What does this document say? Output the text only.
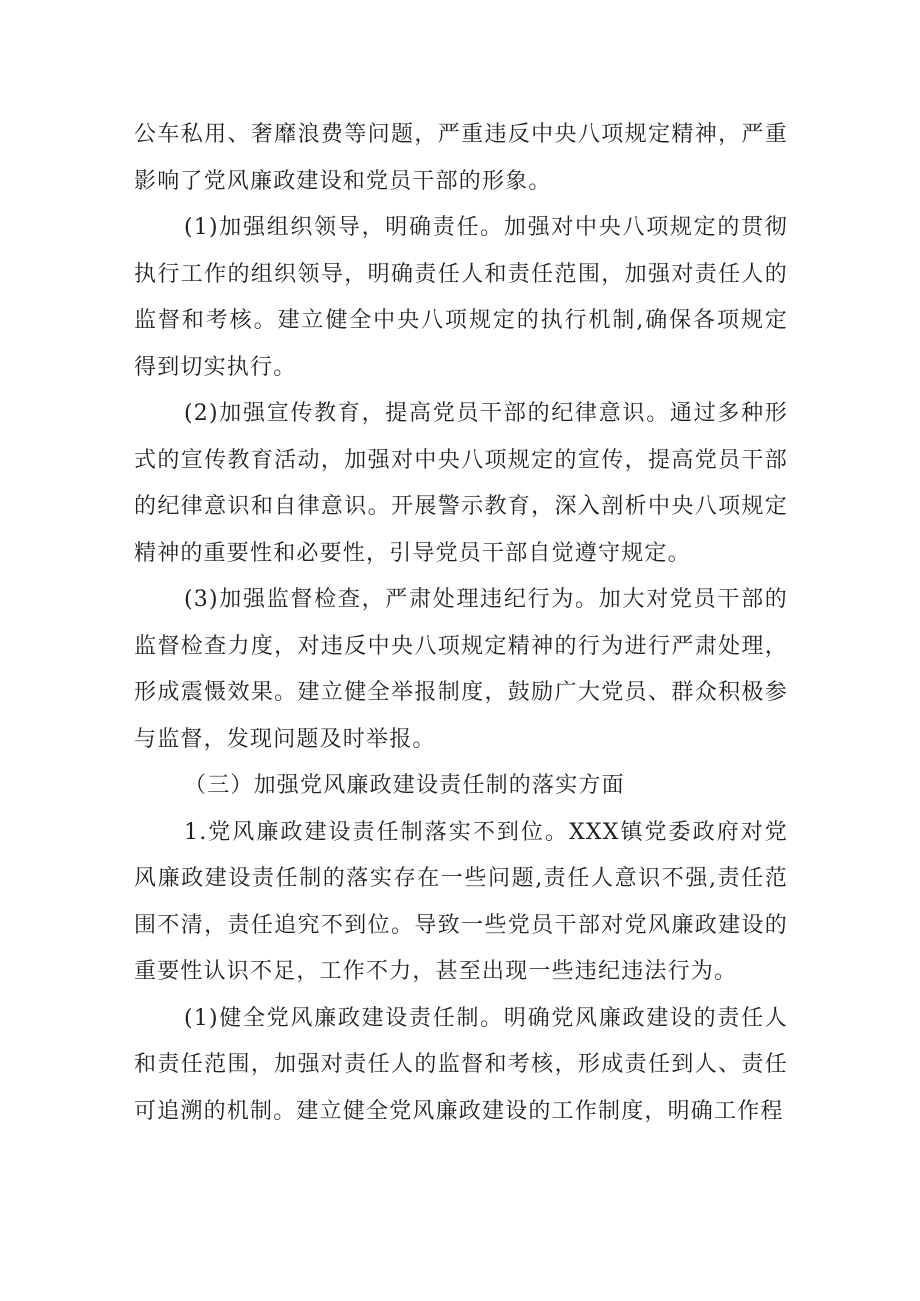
公车私用、奢靡浪费等问题，严重违反中央八项规定精神，严重影响了党风廉政建设和党员干部的形象。

(1)加强组织领导，明确责任。加强对中央八项规定的贯彻执行工作的组织领导，明确责任人和责任范围，加强对责任人的监督和考核。建立健全中央八项规定的执行机制,确保各项规定得到切实执行。

(2)加强宣传教育，提高党员干部的纪律意识。通过多种形式的宣传教育活动，加强对中央八项规定的宣传，提高党员干部的纪律意识和自律意识。开展警示教育，深入剖析中央八项规定精神的重要性和必要性，引导党员干部自觉遵守规定。

(3)加强监督检查，严肃处理违纪行为。加大对党员干部的监督检查力度，对违反中央八项规定精神的行为进行严肃处理，形成震慑效果。建立健全举报制度，鼓励广大党员、群众积极参与监督，发现问题及时举报。

（三）加强党风廉政建设责任制的落实方面

1.党风廉政建设责任制落实不到位。XXX镇党委政府对党风廉政建设责任制的落实存在一些问题,责任人意识不强,责任范围不清，责任追究不到位。导致一些党员干部对党风廉政建设的重要性认识不足，工作不力，甚至出现一些违纪违法行为。

(1)健全党风廉政建设责任制。明确党风廉政建设的责任人和责任范围，加强对责任人的监督和考核，形成责任到人、责任可追溯的机制。建立健全党风廉政建设的工作制度，明确工作程
